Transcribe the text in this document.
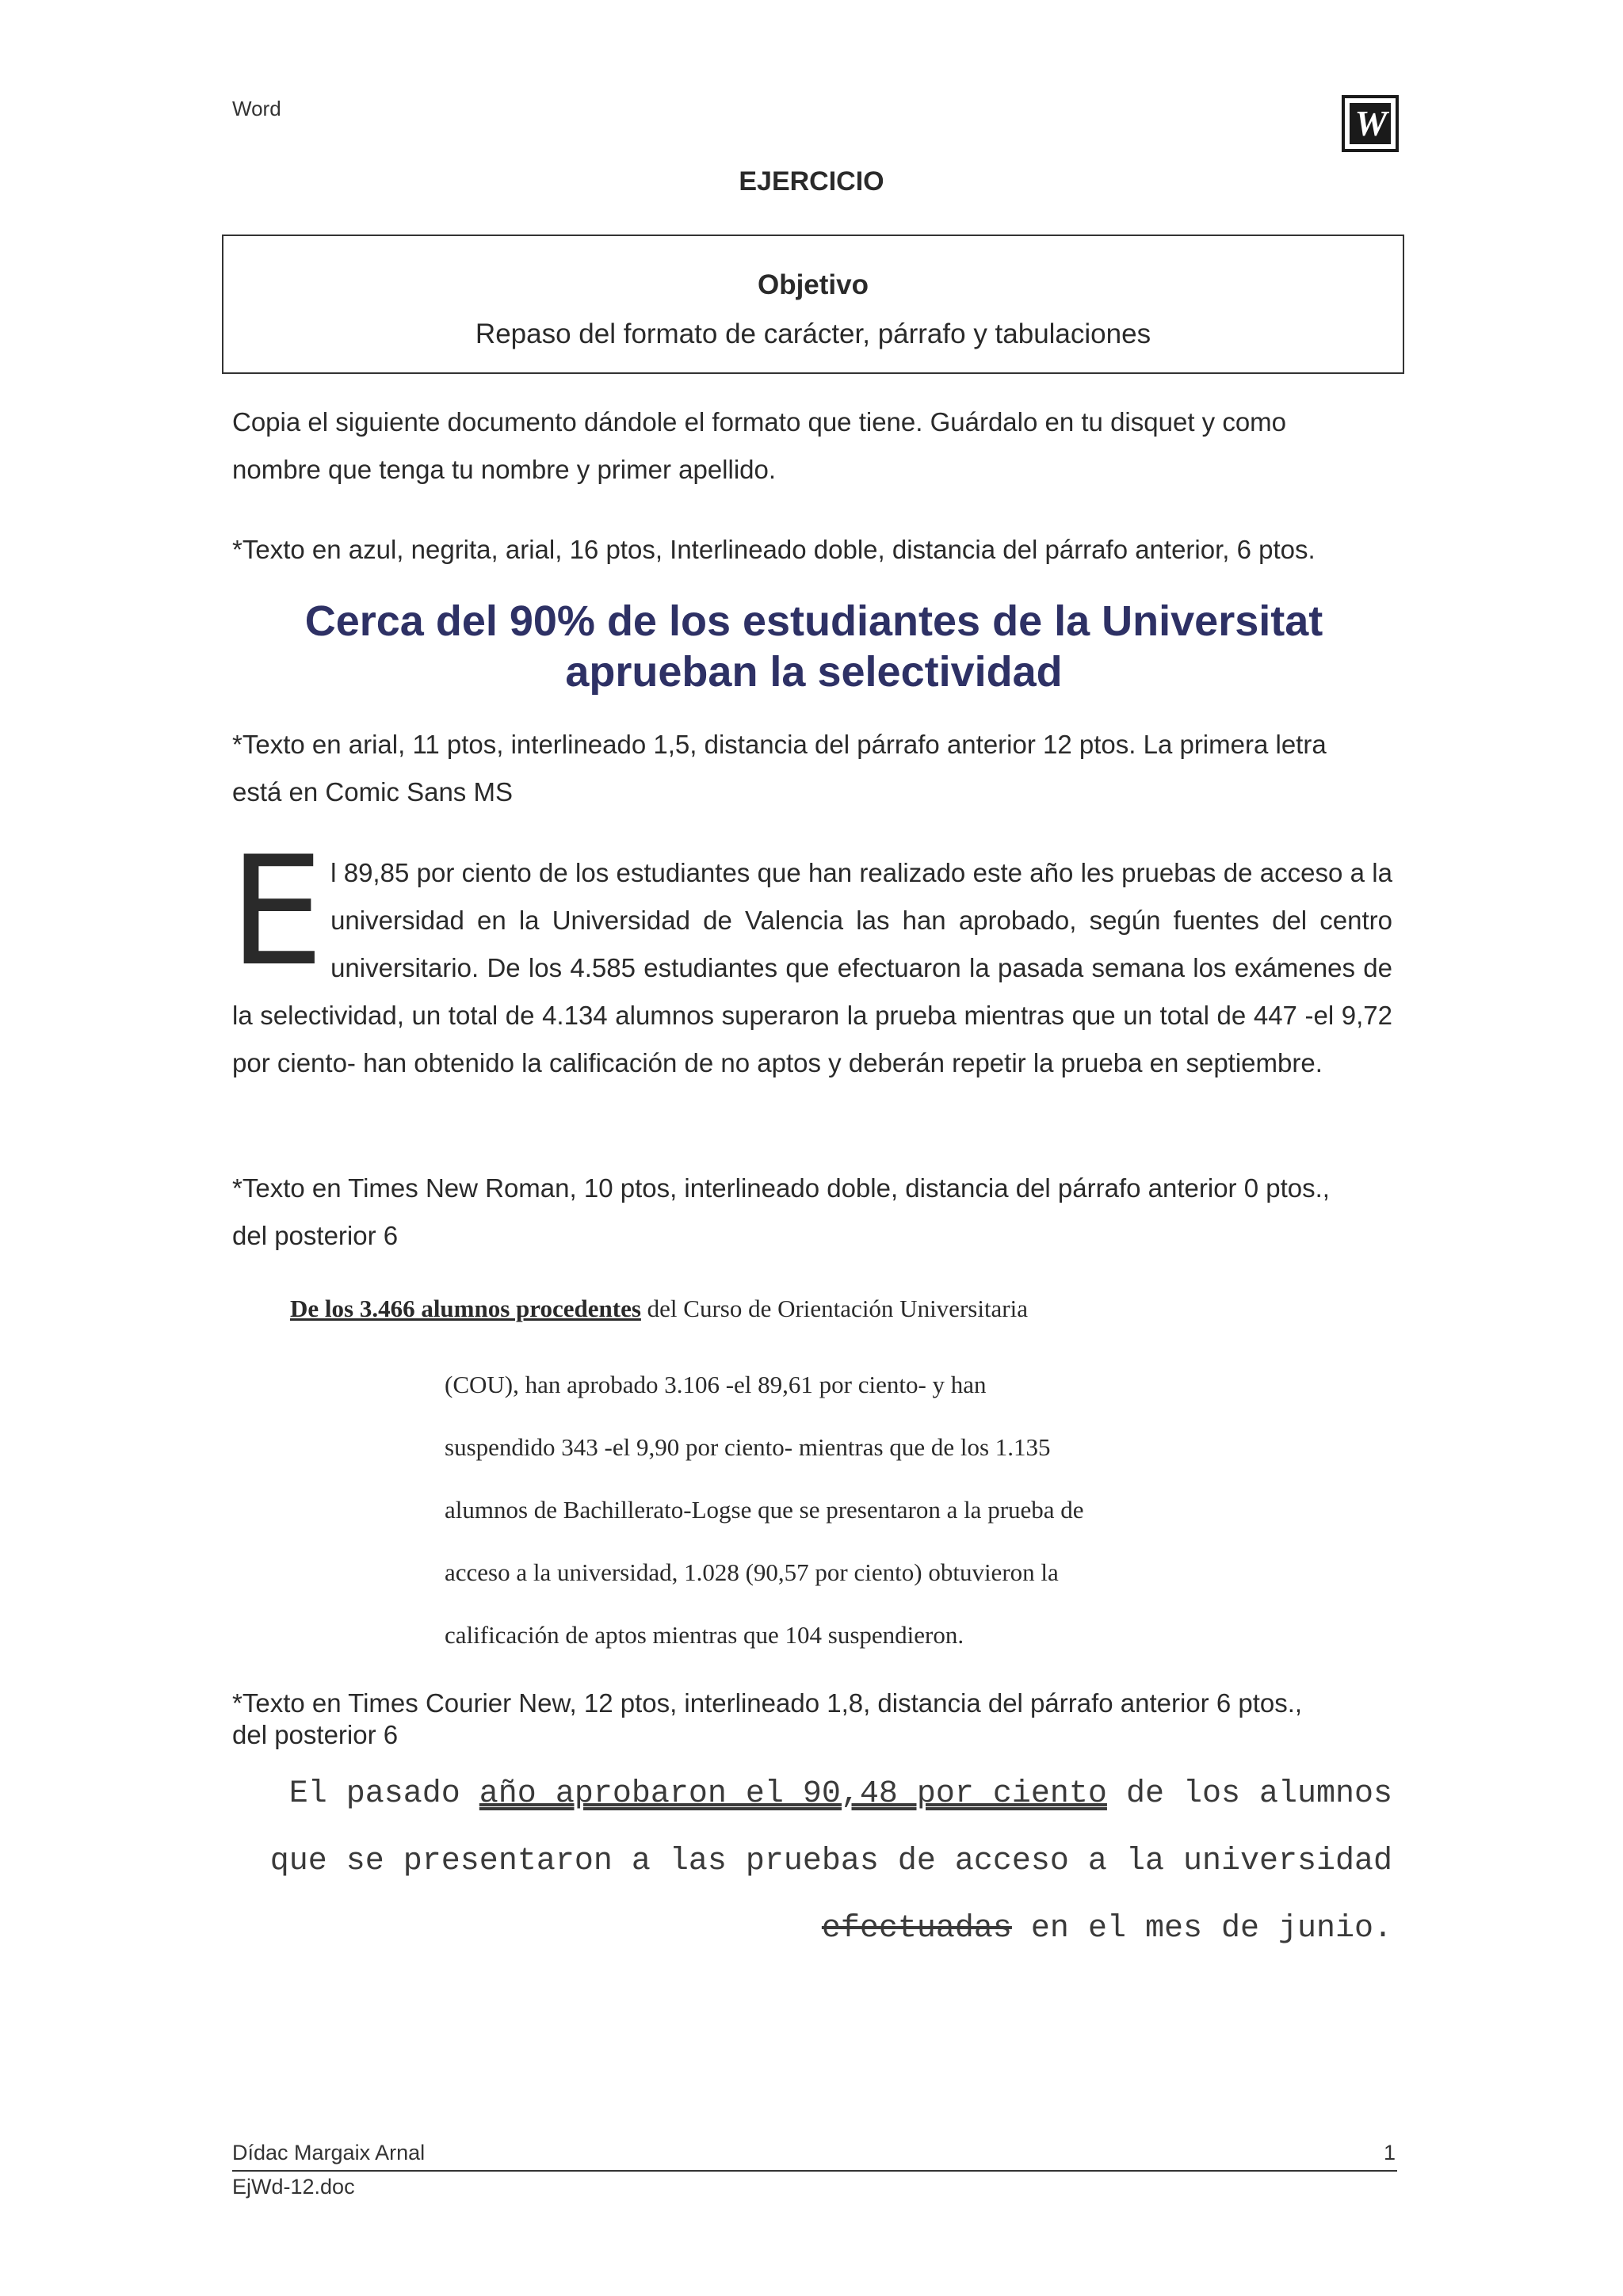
Word	W
EJERCICIO
Objetivo
Repaso del formato de carácter, párrafo y tabulaciones
Copia el siguiente documento dándole el formato que tiene. Guárdalo en tu disquet y como
nombre que tenga tu nombre y primer apellido.
*Texto en azul, negrita, arial, 16 ptos, Interlineado doble, distancia del párrafo anterior, 6 ptos.
Cerca del 90% de los estudiantes de la Universitat
aprueban la selectividad
*Texto en arial, 11 ptos, interlineado 1,5, distancia del párrafo anterior 12 ptos. La primera letra
está en Comic Sans MS
El 89,85 por ciento de los estudiantes que han realizado este año les pruebas de acceso a la universidad en la Universidad de Valencia las han aprobado, según fuentes del centro universitario. De los 4.585 estudiantes que efectuaron la pasada semana los exámenes de la selectividad, un total de 4.134 alumnos superaron la prueba mientras que un total de 447 -el 9,72 por ciento- han obtenido la calificación de no aptos y deberán repetir la prueba en septiembre.
*Texto en Times New Roman, 10 ptos, interlineado doble, distancia del párrafo anterior 0 ptos.,
del posterior 6
De los 3.466 alumnos procedentes del Curso de Orientación Universitaria
(COU), han aprobado 3.106 -el 89,61 por ciento- y han
suspendido 343 -el 9,90 por ciento- mientras que de los 1.135
alumnos de Bachillerato-Logse que se presentaron a la prueba de
acceso a la universidad, 1.028 (90,57 por ciento) obtuvieron la
calificación de aptos mientras que 104 suspendieron.
*Texto en Times Courier New, 12 ptos, interlineado 1,8, distancia del párrafo anterior 6 ptos.,
del posterior 6
El pasado año aprobaron el 90,48 por ciento de los alumnos
que se presentaron a las pruebas de acceso a la universidad
efectuadas en el mes de junio.
Dídac Margaix Arnal	1
EjWd-12.doc
